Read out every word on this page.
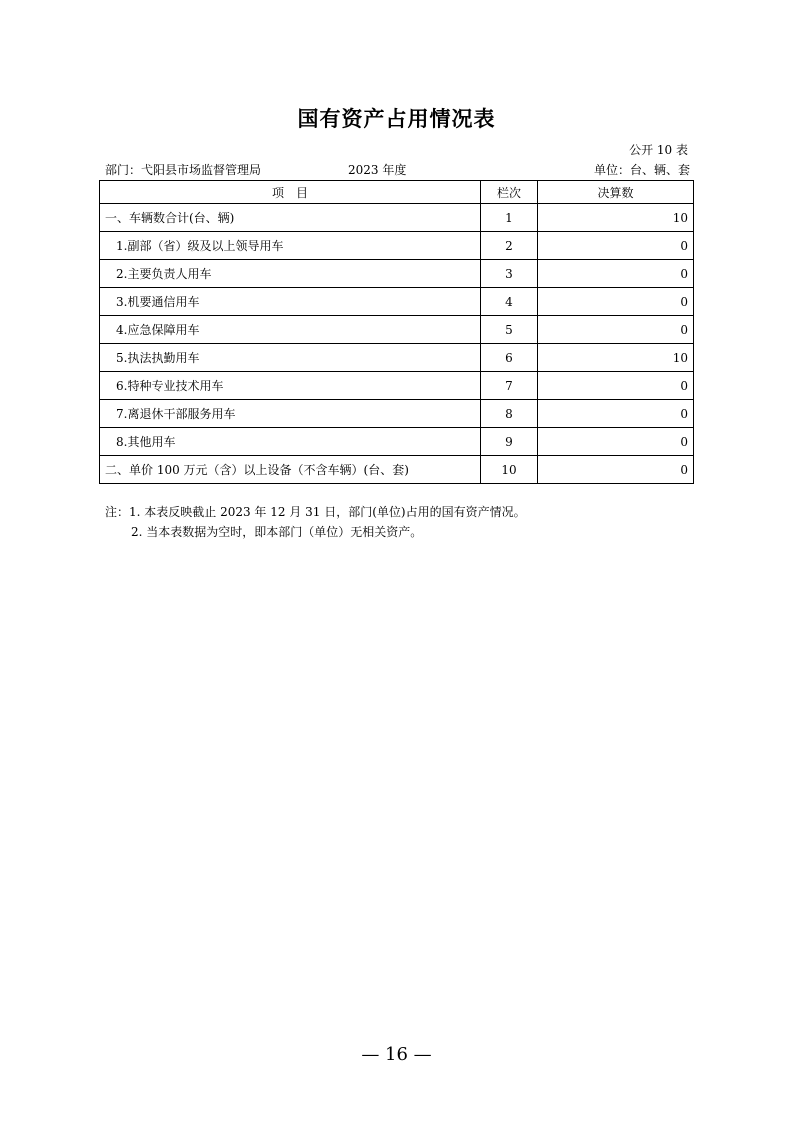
国有资产占用情况表
公开 10 表
部门：弋阳县市场监督管理局	2023 年度	单位：台、辆、套
项　目	栏次	决算数
一、车辆数合计(台、辆)	1	10
1.副部（省）级及以上领导用车	2	0
2.主要负责人用车	3	0
3.机要通信用车	4	0
4.应急保障用车	5	0
5.执法执勤用车	6	10
6.特种专业技术用车	7	0
7.离退休干部服务用车	8	0
8.其他用车	9	0
二、单价 100 万元（含）以上设备（不含车辆）(台、套)	10	0
注：1. 本表反映截止 2023 年 12 月 31 日，部门(单位)占用的国有资产情况。
2. 当本表数据为空时，即本部门（单位）无相关资产。
— 16 —
